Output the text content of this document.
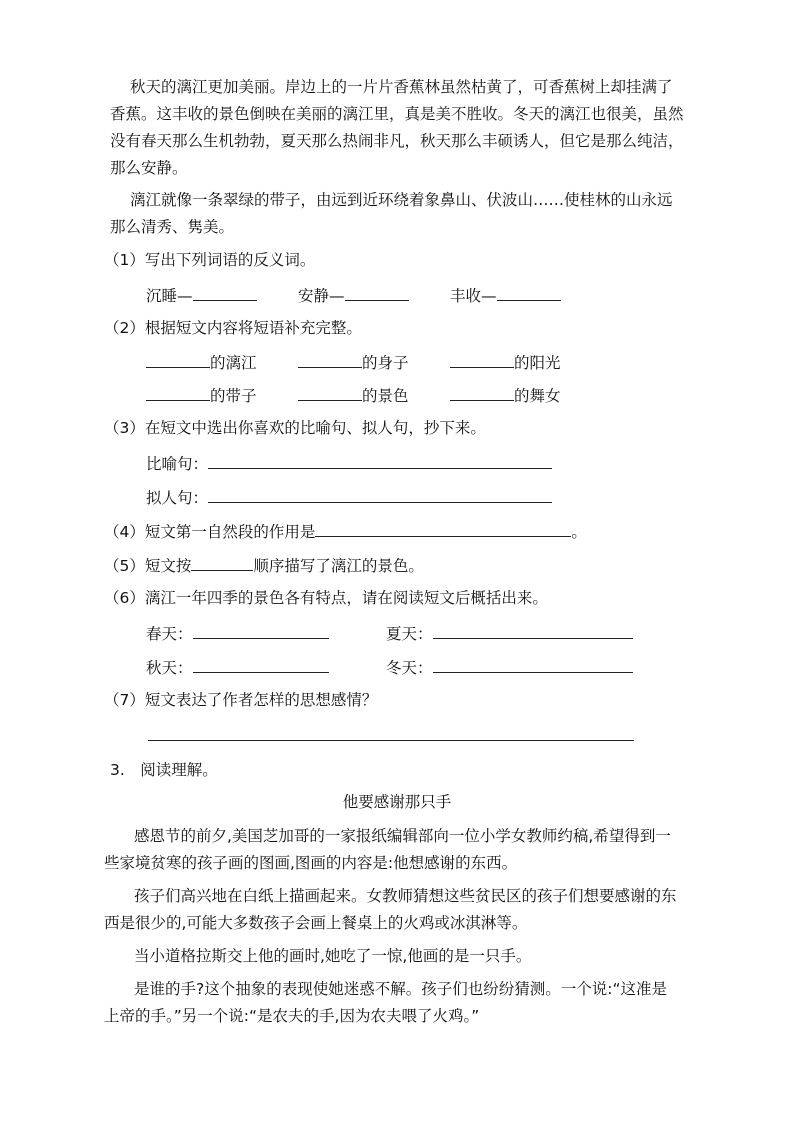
秋天的漓江更加美丽。岸边上的一片片香蕉林虽然枯黄了，可香蕉树上却挂满了
香蕉。这丰收的景色倒映在美丽的漓江里，真是美不胜收。冬天的漓江也很美，虽然
没有春天那么生机勃勃，夏天那么热闹非凡，秋天那么丰硕诱人，但它是那么纯洁，
那么安静。
漓江就像一条翠绿的带子，由远到近环绕着象鼻山、伏波山……使桂林的山永远
那么清秀、隽美。
（1）写出下列词语的反义词。
沉睡—	安静—	丰收—
（2）根据短文内容将短语补充完整。
的漓江	的身子	的阳光
的带子	的景色	的舞女
（3）在短文中选出你喜欢的比喻句、拟人句，抄下来。
比喻句：
拟人句：
（4）短文第一自然段的作用是	。
（5）短文按	顺序描写了漓江的景色。
（6）漓江一年四季的景色各有特点，请在阅读短文后概括出来。
春天：	夏天：
秋天：	冬天：
（7）短文表达了作者怎样的思想感情？
3.　阅读理解。
他要感谢那只手
感恩节的前夕,美国芝加哥的一家报纸编辑部向一位小学女教师约稿,希望得到一
些家境贫寒的孩子画的图画,图画的内容是:他想感谢的东西。
孩子们高兴地在白纸上描画起来。女教师猜想这些贫民区的孩子们想要感谢的东
西是很少的,可能大多数孩子会画上餐桌上的火鸡或冰淇淋等。
当小道格拉斯交上他的画时,她吃了一惊,他画的是一只手。
是谁的手?这个抽象的表现使她迷惑不解。孩子们也纷纷猜测。一个说:“这准是
上帝的手。”另一个说:“是农夫的手,因为农夫喂了火鸡。”
